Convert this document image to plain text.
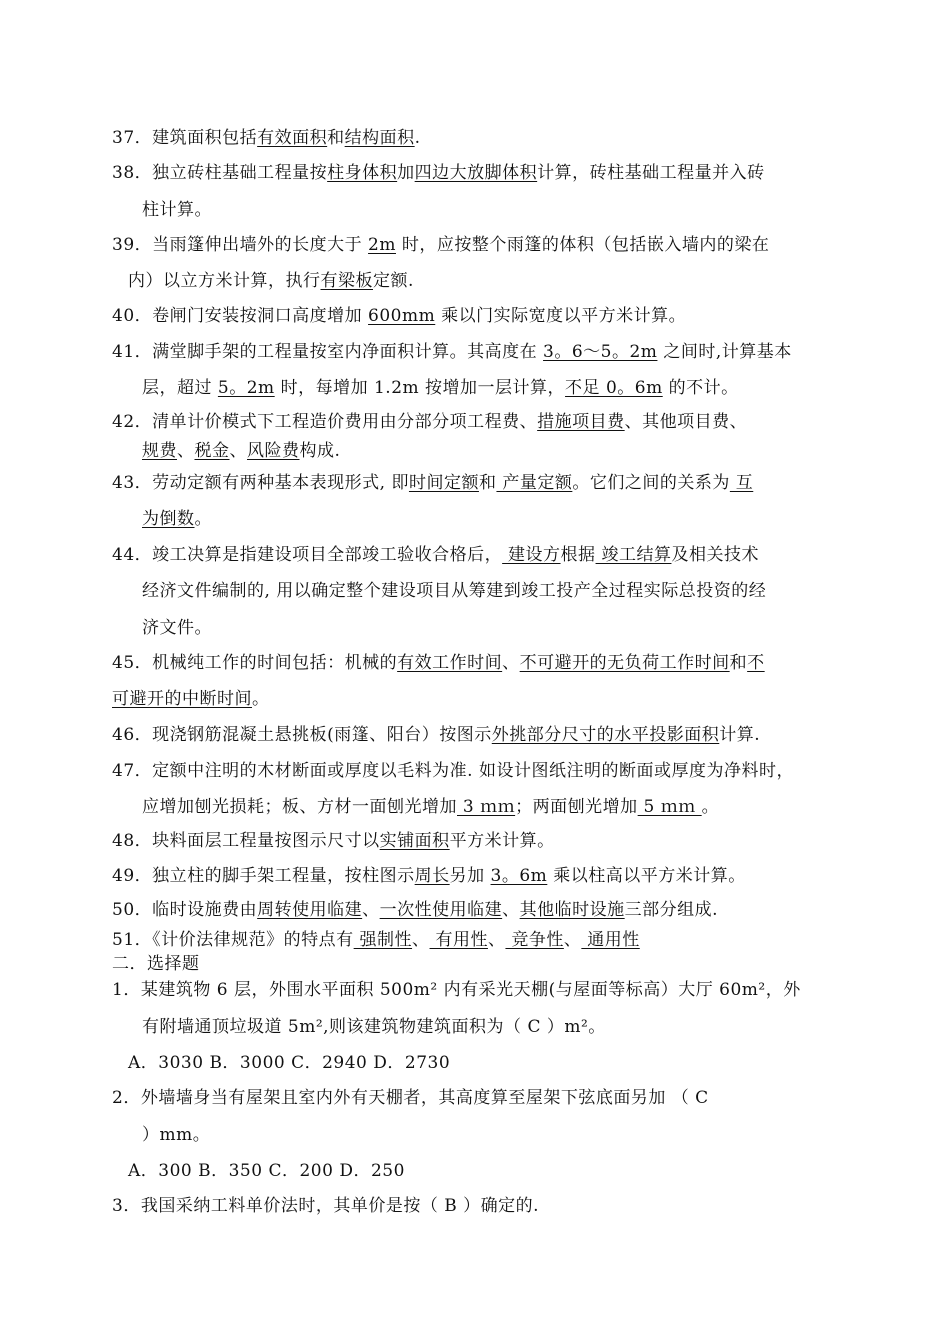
37．建筑面积包括有效面积和结构面积.
38．独立砖柱基础工程量按柱身体积加四边大放脚体积计算，砖柱基础工程量并入砖
柱计算。
39．当雨篷伸出墙外的长度大于 2m 时，应按整个雨篷的体积（包括嵌入墙内的梁在
内）以立方米计算，执行有梁板定额.
40．卷闸门安装按洞口高度增加 600mm 乘以门实际宽度以平方米计算。
41．满堂脚手架的工程量按室内净面积计算。其高度在 3。6～5。2m 之间时,计算基本
层，超过 5。2m 时，每增加 1.2m 按增加一层计算，不足 0。6m 的不计。
42．清单计价模式下工程造价费用由分部分项工程费、措施项目费、其他项目费、
规费、税金、风险费构成.
43．劳动定额有两种基本表现形式, 即时间定额和 产量定额。它们之间的关系为 互
为倒数。
44．竣工决算是指建设项目全部竣工验收合格后， 建设方根据 竣工结算及相关技术
经济文件编制的, 用以确定整个建设项目从筹建到竣工投产全过程实际总投资的经
济文件。
45．机械纯工作的时间包括：机械的有效工作时间、不可避开的无负荷工作时间和不
可避开的中断时间。
46．现浇钢筋混凝土悬挑板(雨篷、阳台）按图示外挑部分尺寸的水平投影面积计算.
47．定额中注明的木材断面或厚度以毛料为准. 如设计图纸注明的断面或厚度为净料时，
应增加刨光损耗；板、方材一面刨光增加 3 ｍｍ；两面刨光增加 5 ｍｍ 。
48．块料面层工程量按图示尺寸以实铺面积平方米计算。
49．独立柱的脚手架工程量，按柱图示周长另加 3。6m 乘以柱高以平方米计算。
50．临时设施费由周转使用临建、一次性使用临建、其他临时设施三部分组成.
51．《计价法律规范》的特点有 强制性、 有用性、 竞争性、 通用性
二．选择题
1．某建筑物 6 层，外围水平面积 500m² 内有采光天棚(与屋面等标高）大厅 60m²，外
有附墙通顶垃圾道 5m²,则该建筑物建筑面积为（ C ）m²。
A．3030 B．3000 C．2940 D．2730
2．外墙墙身当有屋架且室内外有天棚者，其高度算至屋架下弦底面另加 （ C
）mm。
A．300 B．350 C．200 D．250
3．我国采纳工料单价法时，其单价是按（ B ）确定的.
